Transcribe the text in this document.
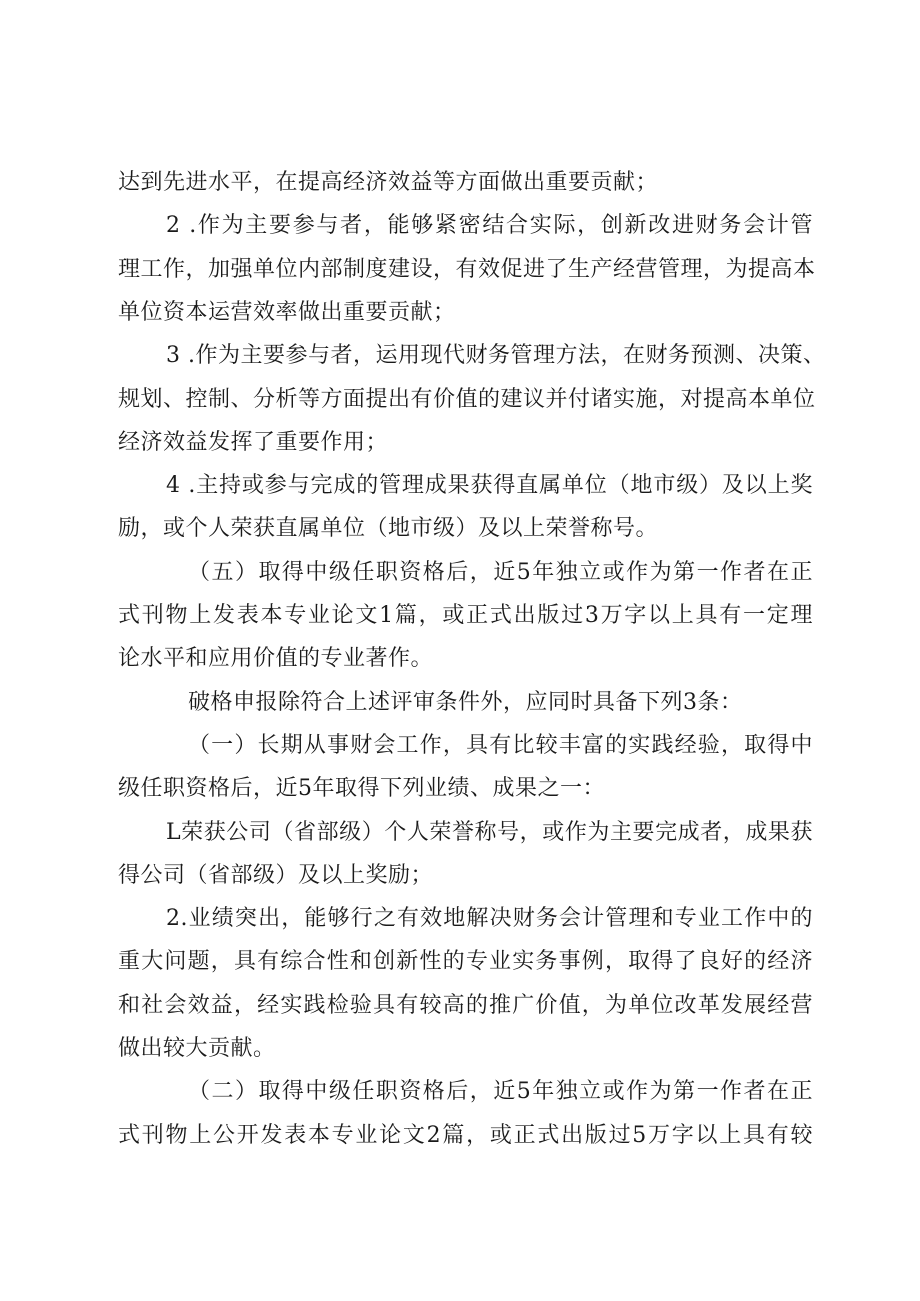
达到先进水平，在提高经济效益等方面做出重要贡献；
2 .作为主要参与者，能够紧密结合实际，创新改进财务会计管
理工作，加强单位内部制度建设，有效促进了生产经营管理，为提高本
单位资本运营效率做出重要贡献；
3 .作为主要参与者，运用现代财务管理方法，在财务预测、决策、
规划、控制、分析等方面提出有价值的建议并付诸实施，对提高本单位
经济效益发挥了重要作用；
4 .主持或参与完成的管理成果获得直属单位（地市级）及以上奖
励，或个人荣获直属单位（地市级）及以上荣誉称号。
（五）取得中级任职资格后，近5年独立或作为第一作者在正
式刊物上发表本专业论文1篇，或正式出版过3万字以上具有一定理
论水平和应用价值的专业著作。
破格申报除符合上述评审条件外，应同时具备下列3条：
（一）长期从事财会工作，具有比较丰富的实践经验，取得中
级任职资格后，近5年取得下列业绩、成果之一：
L荣获公司（省部级）个人荣誉称号，或作为主要完成者，成果获
得公司（省部级）及以上奖励；
2.业绩突出，能够行之有效地解决财务会计管理和专业工作中的
重大问题，具有综合性和创新性的专业实务事例，取得了良好的经济
和社会效益，经实践检验具有较高的推广价值，为单位改革发展经营
做出较大贡献。
（二）取得中级任职资格后，近5年独立或作为第一作者在正
式刊物上公开发表本专业论文2篇，或正式出版过5万字以上具有较
